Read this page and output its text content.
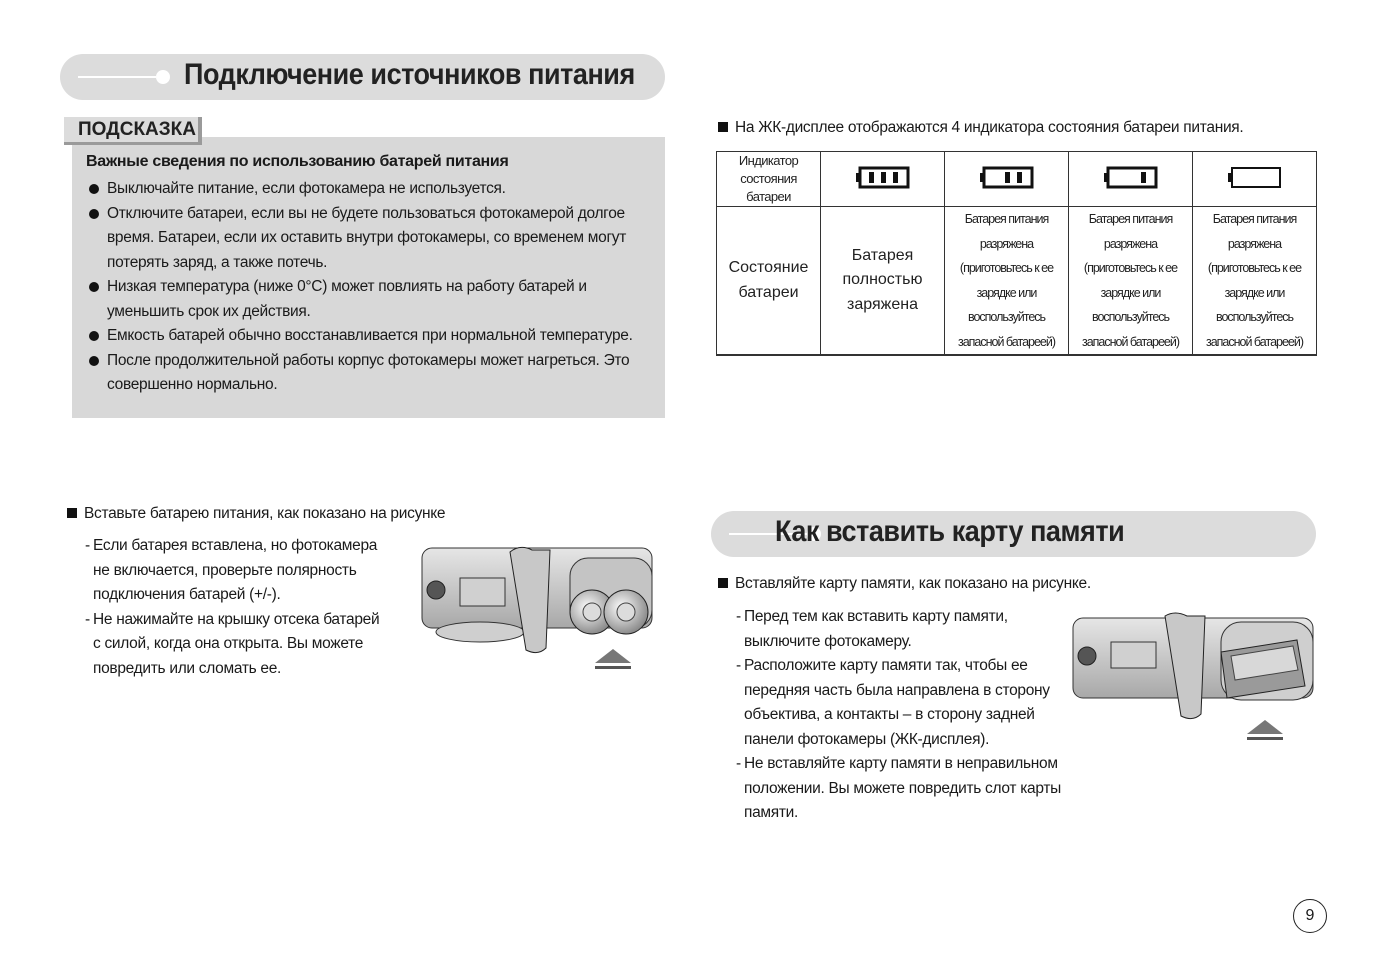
Подключение источников питания
ПОДСКАЗКА
Важные сведения по использованию батарей питания
Выключайте питание, если фотокамера не используется.
Отключите батареи, если вы не будете пользоваться фотокамерой долгое время. Батареи, если их оставить внутри фотокамеры, со временем могут потерять заряд, а также потечь.
Низкая температура (ниже 0°C) может повлиять на работу батарей и уменьшить срок их действия.
Емкость батарей обычно восстанавливается при нормальной температуре.
После продолжительной работы корпус фотокамеры может нагреться. Это совершенно нормально.
На ЖК-дисплее отображаются 4 индикатора состояния батареи питания.
Индикатор состояния батареи				
Состояние батареи	Батарея полностью заряжена	Батарея питания разряжена (приготовьтесь к ее зарядке или воспользуйтесь запасной батареей)	Батарея питания разряжена (приготовьтесь к ее зарядке или воспользуйтесь запасной батареей)	Батарея питания разряжена (приготовьтесь к ее зарядке или воспользуйтесь запасной батареей)
Вставьте батарею питания, как показано на рисунке
- Если батарея вставлена, но фотокамера не включается, проверьте полярность подключения батарей (+/-).
- Не нажимайте на крышку отсека батарей с силой, когда она открыта. Вы можете повредить или сломать ее.
Как вставить карту памяти
Вставляйте карту памяти, как показано на рисунке.
- Перед тем как вставить карту памяти, выключите фотокамеру.
- Расположите карту памяти так, чтобы ее передняя часть была направлена в сторону объектива, а контакты – в сторону задней панели фотокамеры (ЖК-дисплея).
- Не вставляйте карту памяти в неправильном положении. Вы можете повредить слот карты памяти.
9
